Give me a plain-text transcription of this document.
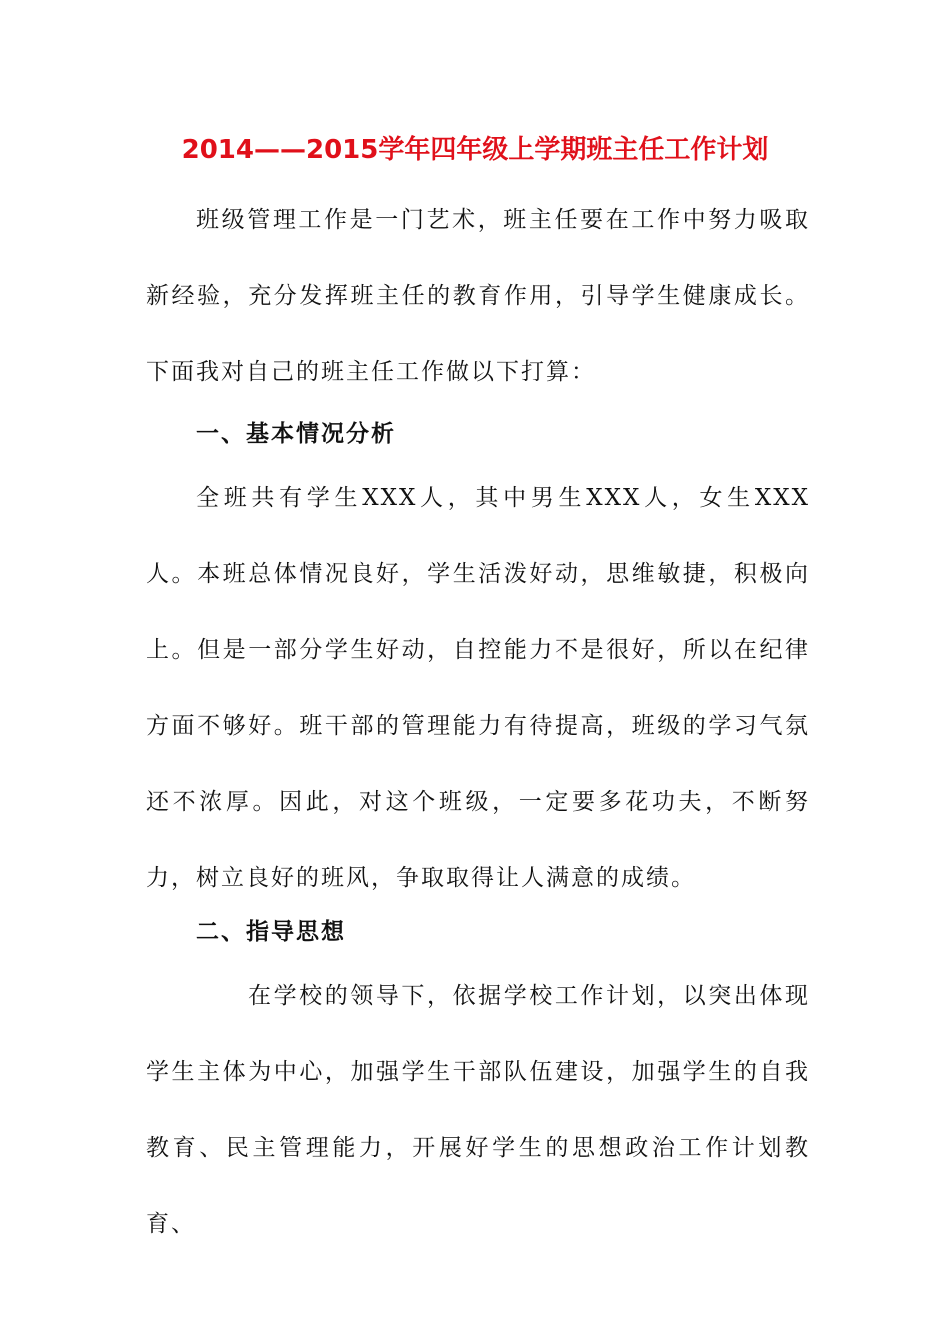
2014——2015学年四年级上学期班主任工作计划
班级管理工作是一门艺术，班主任要在工作中努力吸取新经验，充分发挥班主任的教育作用，引导学生健康成长。下面我对自己的班主任工作做以下打算：
一、基本情况分析
全班共有学生XXX人，其中男生XXX人，女生XXX人。本班总体情况良好，学生活泼好动，思维敏捷，积极向上。但是一部分学生好动，自控能力不是很好，所以在纪律方面不够好。班干部的管理能力有待提高，班级的学习气氛还不浓厚。因此，对这个班级，一定要多花功夫，不断努力，树立良好的班风，争取取得让人满意的成绩。
二、指导思想
在学校的领导下，依据学校工作计划，以突出体现学生主体为中心，加强学生干部队伍建设，加强学生的自我教育、民主管理能力，开展好学生的思想政治工作计划教育、
